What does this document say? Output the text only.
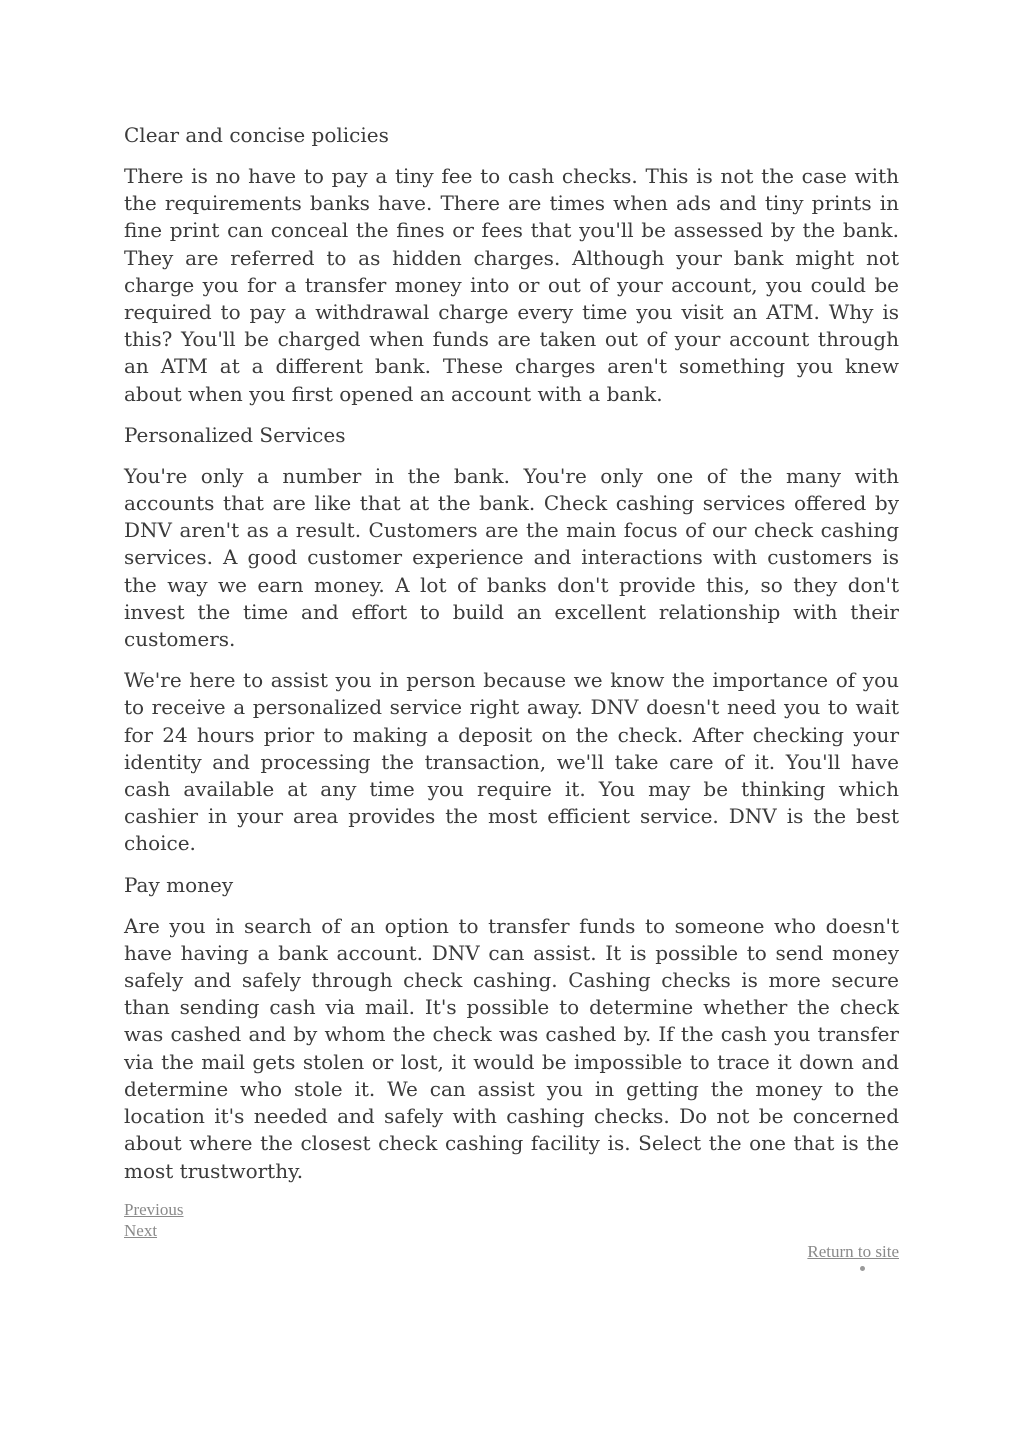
Clear and concise policies

There is no have to pay a tiny fee to cash checks. This is not the case with the requirements banks have. There are times when ads and tiny prints in fine print can conceal the fines or fees that you'll be assessed by the bank. They are referred to as hidden charges. Although your bank might not charge you for a transfer money into or out of your account, you could be required to pay a withdrawal charge every time you visit an ATM. Why is this? You'll be charged when funds are taken out of your account through an ATM at a different bank. These charges aren't something you knew about when you first opened an account with a bank.

Personalized Services

You're only a number in the bank. You're only one of the many with accounts that are like that at the bank. Check cashing services offered by DNV aren't as a result. Customers are the main focus of our check cashing services. A good customer experience and interactions with customers is the way we earn money. A lot of banks don't provide this, so they don't invest the time and effort to build an excellent relationship with their customers.

We're here to assist you in person because we know the importance of you to receive a personalized service right away. DNV doesn't need you to wait for 24 hours prior to making a deposit on the check. After checking your identity and processing the transaction, we'll take care of it. You'll have cash available at any time you require it. You may be thinking which cashier in your area provides the most efficient service. DNV is the best choice.

Pay money

Are you in search of an option to transfer funds to someone who doesn't have having a bank account. DNV can assist. It is possible to send money safely and safely through check cashing. Cashing checks is more secure than sending cash via mail. It's possible to determine whether the check was cashed and by whom the check was cashed by. If the cash you transfer via the mail gets stolen or lost, it would be impossible to trace it down and determine who stole it. We can assist you in getting the money to the location it's needed and safely with cashing checks. Do not be concerned about where the closest check cashing facility is. Select the one that is the most trustworthy.

Previous
Next
Return to site
